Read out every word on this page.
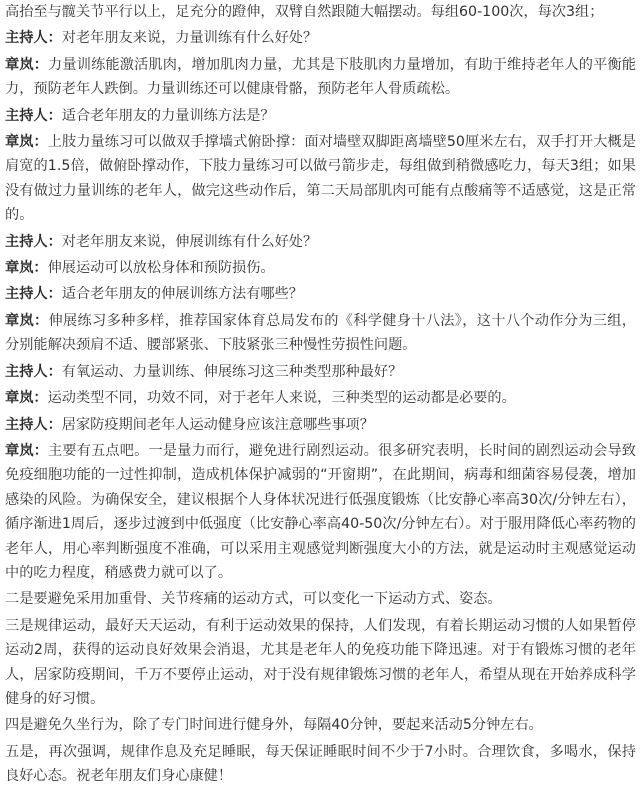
高抬至与髋关节平行以上，足充分的蹬伸，双臂自然跟随大幅摆动。每组60-100次，每次3组；

主持人：对老年朋友来说，力量训练有什么好处？

章岚：力量训练能激活肌肉，增加肌肉力量，尤其是下肢肌肉力量增加，有助于维持老年人的平衡能力，预防老年人跌倒。力量训练还可以健康骨骼，预防老年人骨质疏松。

主持人：适合老年朋友的力量训练方法是？

章岚：上肢力量练习可以做双手撑墙式俯卧撑：面对墙壁双脚距离墙壁50厘米左右，双手打开大概是肩宽的1.5倍，做俯卧撑动作，下肢力量练习可以做弓箭步走，每组做到稍微感吃力，每天3组；如果没有做过力量训练的老年人，做完这些动作后，第二天局部肌肉可能有点酸痛等不适感觉，这是正常的。

主持人：对老年朋友来说，伸展训练有什么好处？

章岚：伸展运动可以放松身体和预防损伤。

主持人：适合老年朋友的伸展训练方法有哪些？

章岚：伸展练习多种多样，推荐国家体育总局发布的《科学健身十八法》，这十八个动作分为三组，分别能解决颈肩不适、腰部紧张、下肢紧张三种慢性劳损性问题。

主持人：有氧运动、力量训练、伸展练习这三种类型那种最好？

章岚：运动类型不同，功效不同，对于老年人来说，三种类型的运动都是必要的。

主持人：居家防疫期间老年人运动健身应该注意哪些事项？

章岚：主要有五点吧。一是量力而行，避免进行剧烈运动。很多研究表明，长时间的剧烈运动会导致免疫细胞功能的一过性抑制，造成机体保护减弱的“开窗期”，在此期间，病毒和细菌容易侵袭，增加感染的风险。为确保安全，建议根据个人身体状况进行低强度锻炼（比安静心率高30次/分钟左右），循序渐进1周后，逐步过渡到中低强度（比安静心率高40-50次/分钟左右）。对于服用降低心率药物的老年人，用心率判断强度不准确，可以采用主观感觉判断强度大小的方法，就是运动时主观感觉运动中的吃力程度，稍感费力就可以了。

二是要避免采用加重骨、关节疼痛的运动方式，可以变化一下运动方式、姿态。

三是规律运动，最好天天运动，有利于运动效果的保持，人们发现，有着长期运动习惯的人如果暂停运动2周，获得的运动良好效果会消退，尤其是老年人的免疫功能下降迅速。对于有锻炼习惯的老年人，居家防疫期间，千万不要停止运动，对于没有规律锻炼习惯的老年人，希望从现在开始养成科学健身的好习惯。

四是避免久坐行为，除了专门时间进行健身外，每隔40分钟，要起来活动5分钟左右。

五是，再次强调，规律作息及充足睡眠，每天保证睡眠时间不少于7小时。合理饮食，多喝水，保持良好心态。祝老年朋友们身心康健！
